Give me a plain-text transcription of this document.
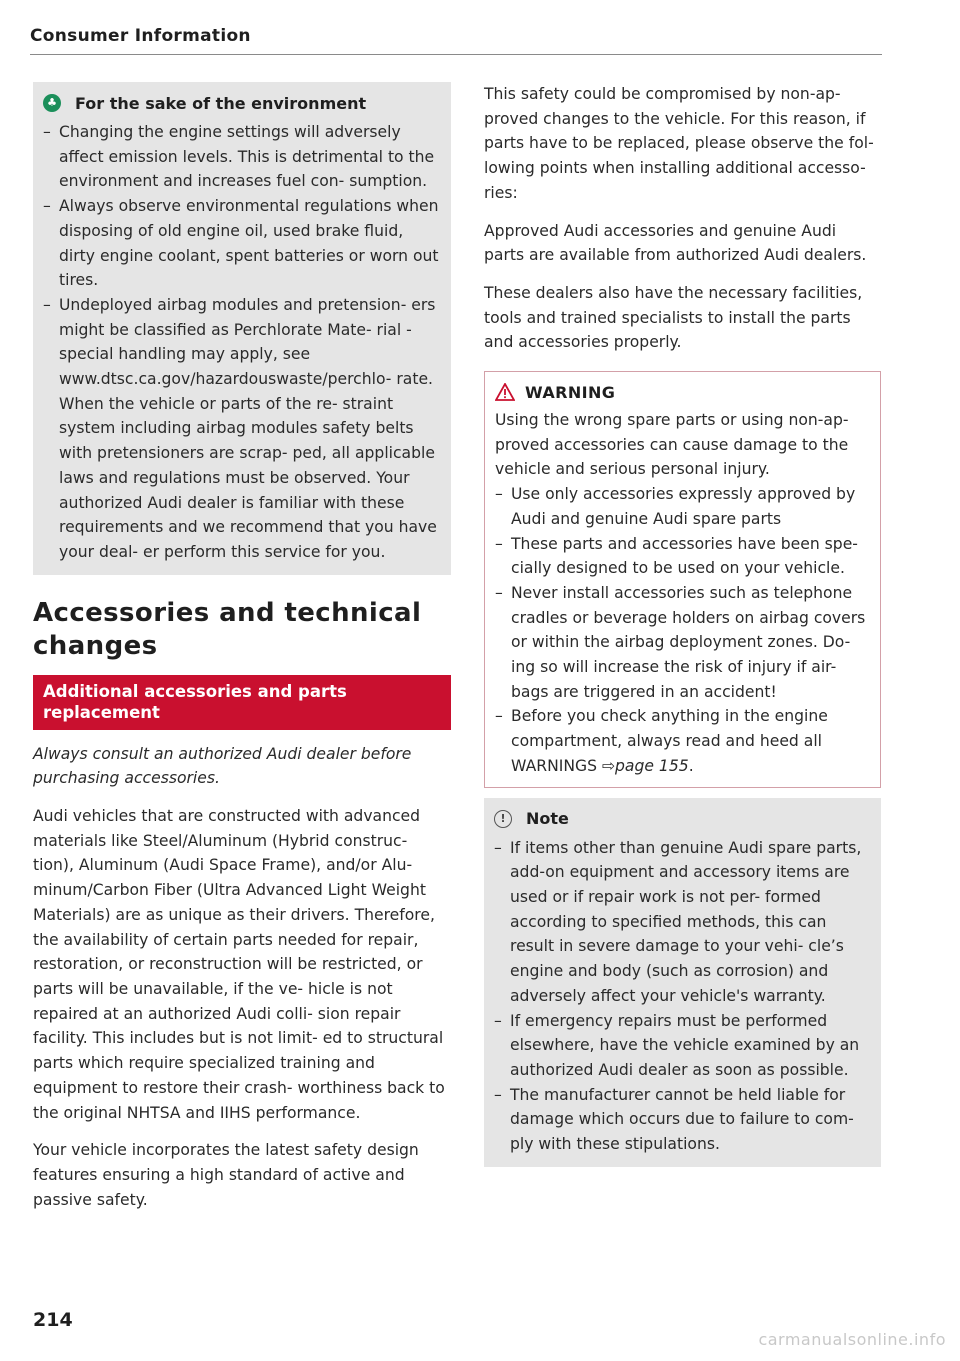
Consumer Information
♣ For the sake of the environment
– Changing the engine settings will adversely affect emission levels. This is detrimental to the environment and increases fuel con- sumption.
– Always observe environmental regulations when disposing of old engine oil, used brake fluid, dirty engine coolant, spent batteries or worn out tires.
– Undeployed airbag modules and pretension- ers might be classified as Perchlorate Mate- rial -special handling may apply, see www.dtsc.ca.gov/hazardouswaste/perchlo- rate. When the vehicle or parts of the re- straint system including airbag modules safety belts with pretensioners are scrap- ped, all applicable laws and regulations must be observed. Your authorized Audi dealer is familiar with these requirements and we recommend that you have your deal- er perform this service for you.
Accessories and technical changes
Additional accessories and parts replacement

Always consult an authorized Audi dealer before purchasing accessories.

Audi vehicles that are constructed with advanced materials like Steel/Aluminum (Hybrid construc- tion), Aluminum (Audi Space Frame), and/or Alu- minum/Carbon Fiber (Ultra Advanced Light Weight Materials) are as unique as their drivers. Therefore, the availability of certain parts needed for repair, restoration, or reconstruction will be restricted, or parts will be unavailable, if the ve- hicle is not repaired at an authorized Audi colli- sion repair facility. This includes but is not limit- ed to structural parts which require specialized training and equipment to restore their crash- worthiness back to the original NHTSA and IIHS performance.

Your vehicle incorporates the latest safety design features ensuring a high standard of active and passive safety.

This safety could be compromised by non-ap- proved changes to the vehicle. For this reason, if parts have to be replaced, please observe the fol- lowing points when installing additional accesso- ries:

Approved Audi accessories and genuine Audi parts are available from authorized Audi dealers.

These dealers also have the necessary facilities, tools and trained specialists to install the parts and accessories properly.

WARNING

Using the wrong spare parts or using non-ap- proved accessories can cause damage to the vehicle and serious personal injury.

– Use only accessories expressly approved by Audi and genuine Audi spare parts
– These parts and accessories have been spe- cially designed to be used on your vehicle.
– Never install accessories such as telephone cradles or beverage holders on airbag covers or within the airbag deployment zones. Do- ing so will increase the risk of injury if air- bags are triggered in an accident!
– Before you check anything in the engine compartment, always read and heed all WARNINGS ⇨page 155.
!	Note
– If items other than genuine Audi spare parts, add-on equipment and accessory items are used or if repair work is not per- formed according to specified methods, this can result in severe damage to your vehi- cle’s engine and body (such as corrosion) and adversely affect your vehicle's warranty.
– If emergency repairs must be performed elsewhere, have the vehicle examined by an authorized Audi dealer as soon as possible.
– The manufacturer cannot be held liable for damage which occurs due to failure to com- ply with these stipulations.
214
carmanualsonline.info
